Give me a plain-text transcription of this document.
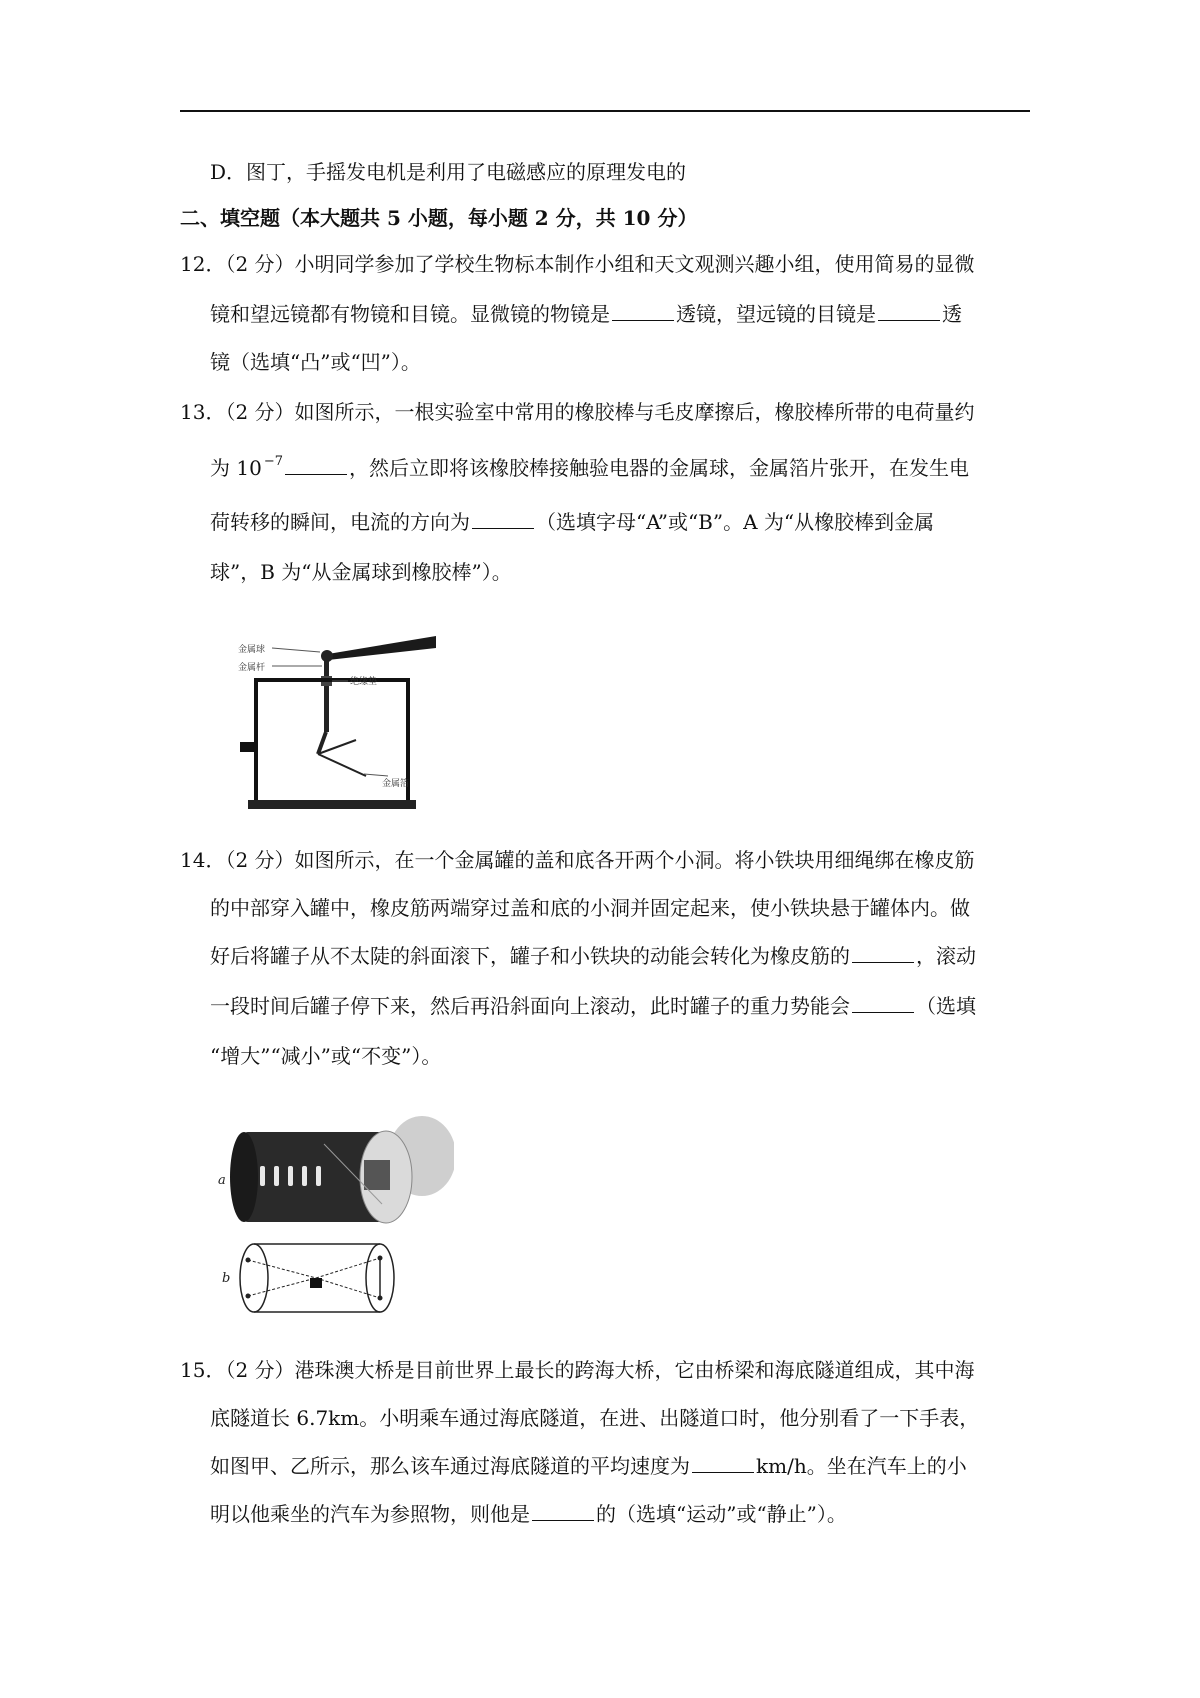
D．图丁，手摇发电机是利用了电磁感应的原理发电的
二、填空题（本大题共 5 小题，每小题 2 分，共 10 分）
12．（2 分）小明同学参加了学校生物标本制作小组和天文观测兴趣小组，使用简易的显微
镜和望远镜都有物镜和目镜。显微镜的物镜是	透镜，望远镜的目镜是	透
镜（选填“凸”或“凹”）。
13．（2 分）如图所示，一根实验室中常用的橡胶棒与毛皮摩擦后，橡胶棒所带的电荷量约
为 10 $^{-7}$	，然后立即将该橡胶棒接触验电器的金属球，金属箔片张开，在发生电
荷转移的瞬间，电流的方向为	（选填字母“A”或“B”。A 为“从橡胶棒到金属
球”，B 为“从金属球到橡胶棒”）。
金属球
金属杆
绝缘垫
金属箔
14．（2 分）如图所示，在一个金属罐的盖和底各开两个小洞。将小铁块用细绳绑在橡皮筋
的中部穿入罐中，橡皮筋两端穿过盖和底的小洞并固定起来，使小铁块悬于罐体内。做
好后将罐子从不太陡的斜面滚下，罐子和小铁块的动能会转化为橡皮筋的	，滚动
一段时间后罐子停下来，然后再沿斜面向上滚动，此时罐子的重力势能会	（选填
“增大”“减小”或“不变”）。
a
b
15．（2 分）港珠澳大桥是目前世界上最长的跨海大桥，它由桥梁和海底隧道组成，其中海
底隧道长 6.7km。小明乘车通过海底隧道，在进、出隧道口时，他分别看了一下手表，
如图甲、乙所示，那么该车通过海底隧道的平均速度为	km/h。坐在汽车上的小
明以他乘坐的汽车为参照物，则他是	的（选填“运动”或“静止”）。
